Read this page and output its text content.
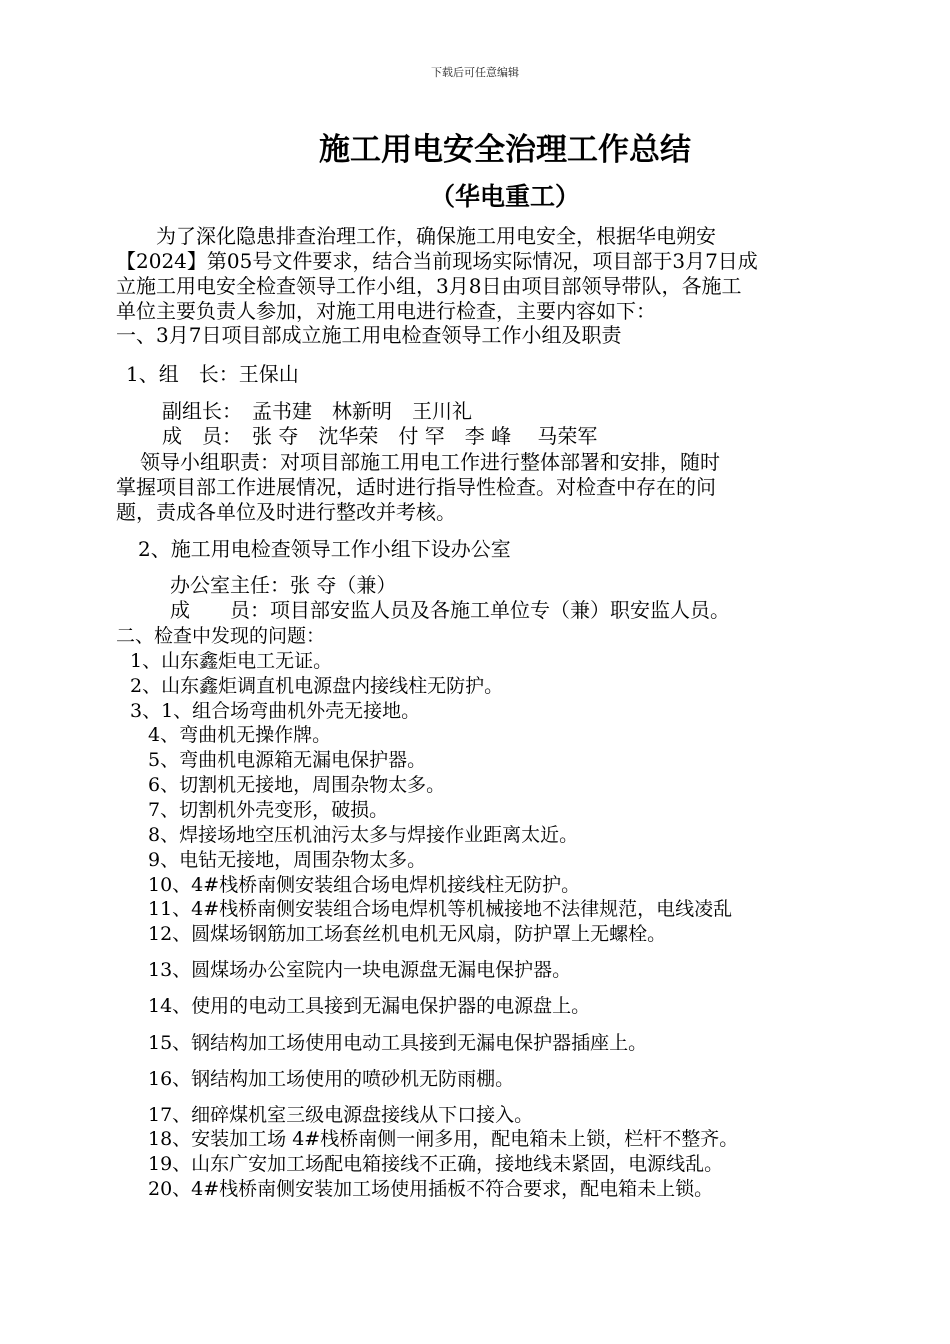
下载后可任意编辑
施工用电安全治理工作总结
（华电重工）
为了深化隐患排查治理工作，确保施工用电安全，根据华电朔安
【2024】第05号文件要求，结合当前现场实际情况，项目部于3月7日成
立施工用电安全检查领导工作小组，3月8日由项目部领导带队，各施工
单位主要负责人参加，对施工用电进行检查，主要内容如下：
一、3月7日项目部成立施工用电检查领导工作小组及职责
1、组　长：王保山
副组长：　孟书建　林新明　王川礼
成　员：　张 夺　沈华荣　付 罕　李 峰　 马荣军
领导小组职责：对项目部施工用电工作进行整体部署和安排，随时
掌握项目部工作进展情况，适时进行指导性检查。对检查中存在的问
题，责成各单位及时进行整改并考核。
2、施工用电检查领导工作小组下设办公室
办公室主任：张 夺（兼）
成　　员：项目部安监人员及各施工单位专（兼）职安监人员。
二、检查中发现的问题：
1、山东鑫炬电工无证。
2、山东鑫炬调直机电源盘内接线柱无防护。
3、1、组合场弯曲机外壳无接地。
4、弯曲机无操作牌。
5、弯曲机电源箱无漏电保护器。
6、切割机无接地，周围杂物太多。
7、切割机外壳变形，破损。
8、焊接场地空压机油污太多与焊接作业距离太近。
9、电钻无接地，周围杂物太多。
10、4#栈桥南侧安装组合场电焊机接线柱无防护。
11、4#栈桥南侧安装组合场电焊机等机械接地不法律规范，电线凌乱
12、圆煤场钢筋加工场套丝机电机无风扇，防护罩上无螺栓。
13、圆煤场办公室院内一块电源盘无漏电保护器。
14、使用的电动工具接到无漏电保护器的电源盘上。
15、钢结构加工场使用电动工具接到无漏电保护器插座上。
16、钢结构加工场使用的喷砂机无防雨棚。
17、细碎煤机室三级电源盘接线从下口接入。
18、安装加工场 4#栈桥南侧一闸多用，配电箱未上锁，栏杆不整齐。
19、山东广安加工场配电箱接线不正确，接地线未紧固，电源线乱。
20、4#栈桥南侧安装加工场使用插板不符合要求，配电箱未上锁。
